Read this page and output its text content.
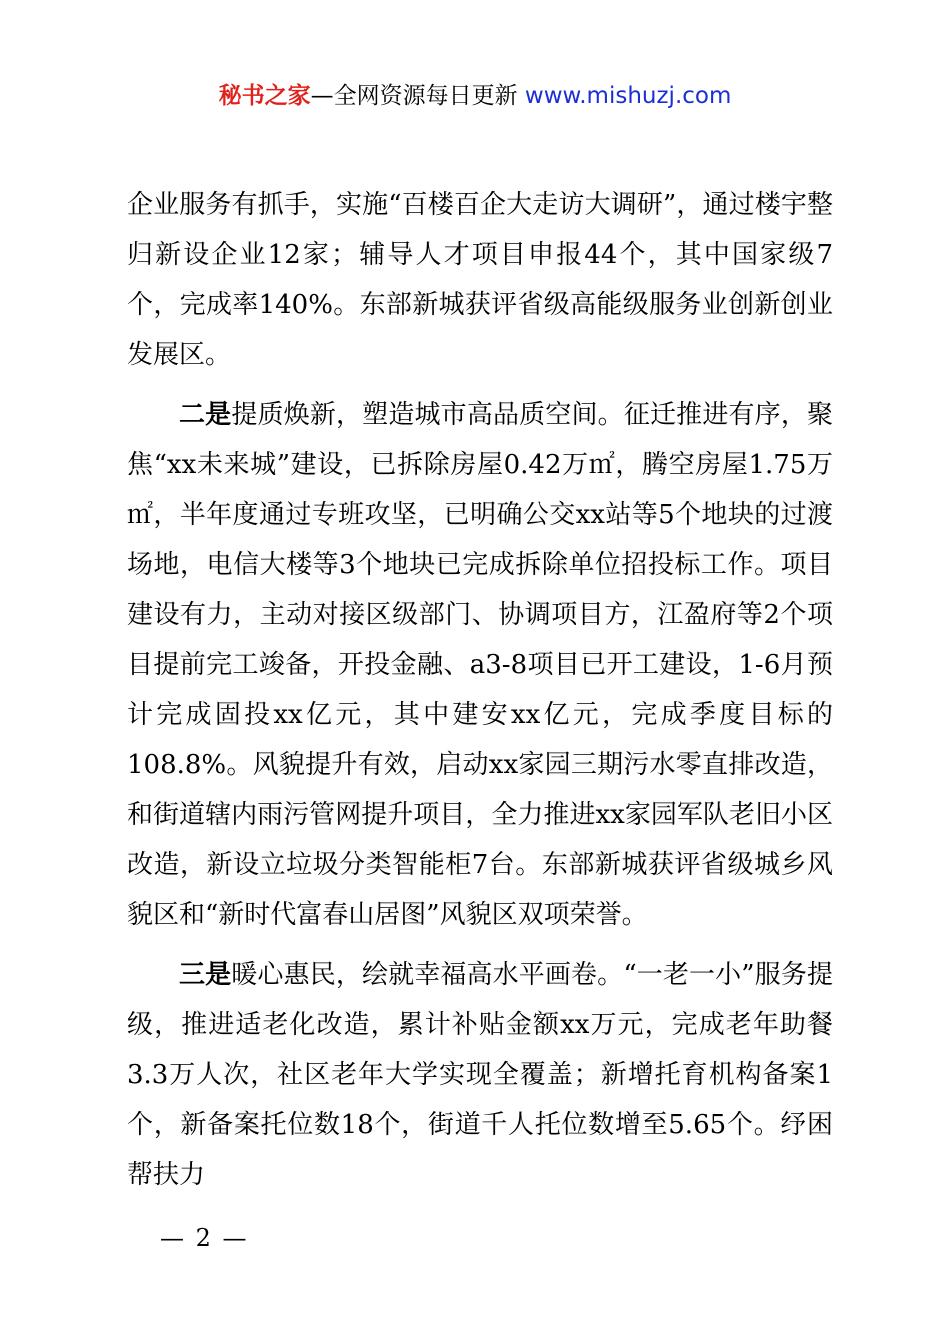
秘书之家—全网资源每日更新 www.mishuzj.com

企业服务有抓手，实施“百楼百企大走访大调研”，通过楼宇整归新设企业12家；辅导人才项目申报44个，其中国家级7个，完成率140%。东部新城获评省级高能级服务业创新创业发展区。

二是提质焕新，塑造城市高品质空间。征迁推进有序，聚焦“xx未来城”建设，已拆除房屋0.42万㎡，腾空房屋1.75万㎡，半年度通过专班攻坚，已明确公交xx站等5个地块的过渡场地，电信大楼等3个地块已完成拆除单位招投标工作。项目建设有力，主动对接区级部门、协调项目方，江盈府等2个项目提前完工竣备，开投金融、a3-8项目已开工建设，1-6月预计完成固投xx亿元，其中建安xx亿元，完成季度目标的108.8%。风貌提升有效，启动xx家园三期污水零直排改造，和街道辖内雨污管网提升项目，全力推进xx家园军队老旧小区改造，新设立垃圾分类智能柜7台。东部新城获评省级城乡风貌区和“新时代富春山居图”风貌区双项荣誉。

三是暖心惠民，绘就幸福高水平画卷。“一老一小”服务提级，推进适老化改造，累计补贴金额xx万元，完成老年助餐3.3万人次，社区老年大学实现全覆盖；新增托育机构备案1个，新备案托位数18个，街道千人托位数增至5.65个。纾困帮扶力

— 2 —
